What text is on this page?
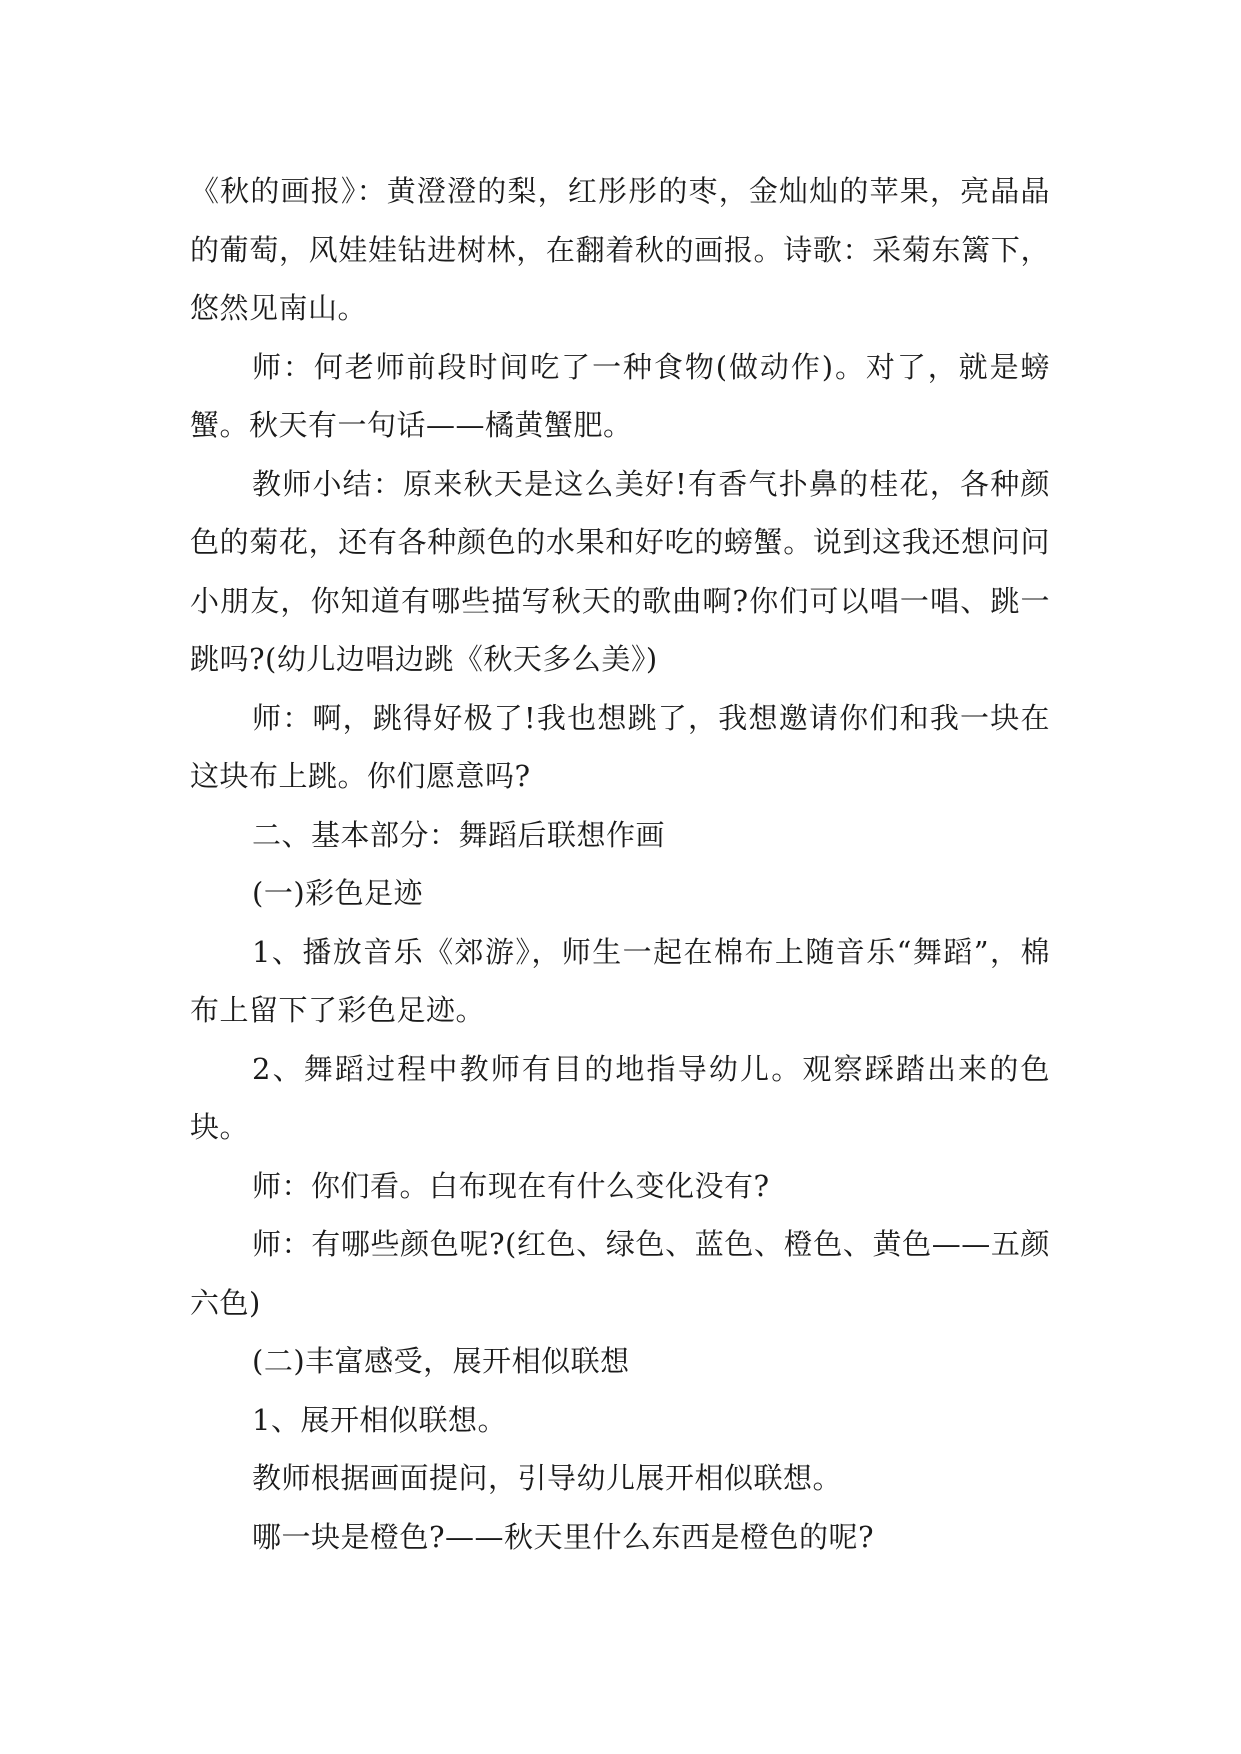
《秋的画报》：黄澄澄的梨，红彤彤的枣，金灿灿的苹果，亮晶晶的葡萄，风娃娃钻进树林，在翻着秋的画报。诗歌：采菊东篱下，悠然见南山。

师：何老师前段时间吃了一种食物(做动作)。对了，就是螃蟹。秋天有一句话——橘黄蟹肥。

教师小结：原来秋天是这么美好!有香气扑鼻的桂花，各种颜色的菊花，还有各种颜色的水果和好吃的螃蟹。说到这我还想问问小朋友，你知道有哪些描写秋天的歌曲啊?你们可以唱一唱、跳一跳吗?(幼儿边唱边跳《秋天多么美》)

师：啊，跳得好极了!我也想跳了，我想邀请你们和我一块在这块布上跳。你们愿意吗?

二、基本部分：舞蹈后联想作画

(一)彩色足迹

1、播放音乐《郊游》，师生一起在棉布上随音乐“舞蹈”，棉布上留下了彩色足迹。

2、舞蹈过程中教师有目的地指导幼儿。观察踩踏出来的色块。

师：你们看。白布现在有什么变化没有?

师：有哪些颜色呢?(红色、绿色、蓝色、橙色、黄色——五颜六色)

(二)丰富感受，展开相似联想

1、展开相似联想。

教师根据画面提问，引导幼儿展开相似联想。

哪一块是橙色?——秋天里什么东西是橙色的呢?
